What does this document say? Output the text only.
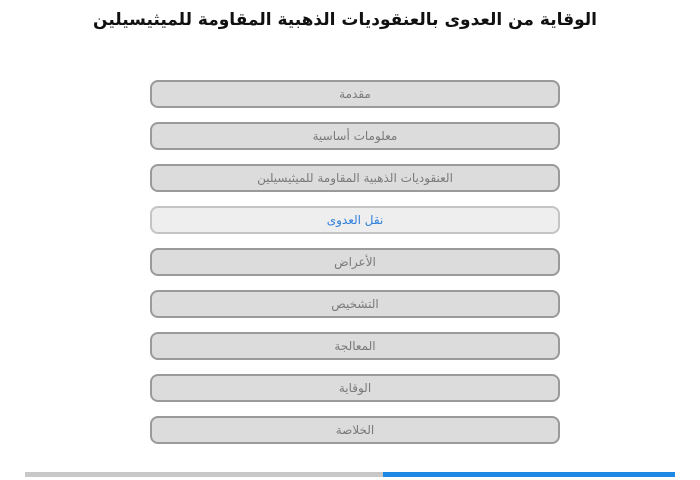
الوقاية من العدوى بالعنقوديات الذهبية المقاومة للميثيسيلين
مقدمة
معلومات أساسية
العنقوديات الذهبية المقاومة للميثيسيلين
نقل العدوى
الأعراض
التشخيص
المعالجة
الوقاية
الخلاصة
